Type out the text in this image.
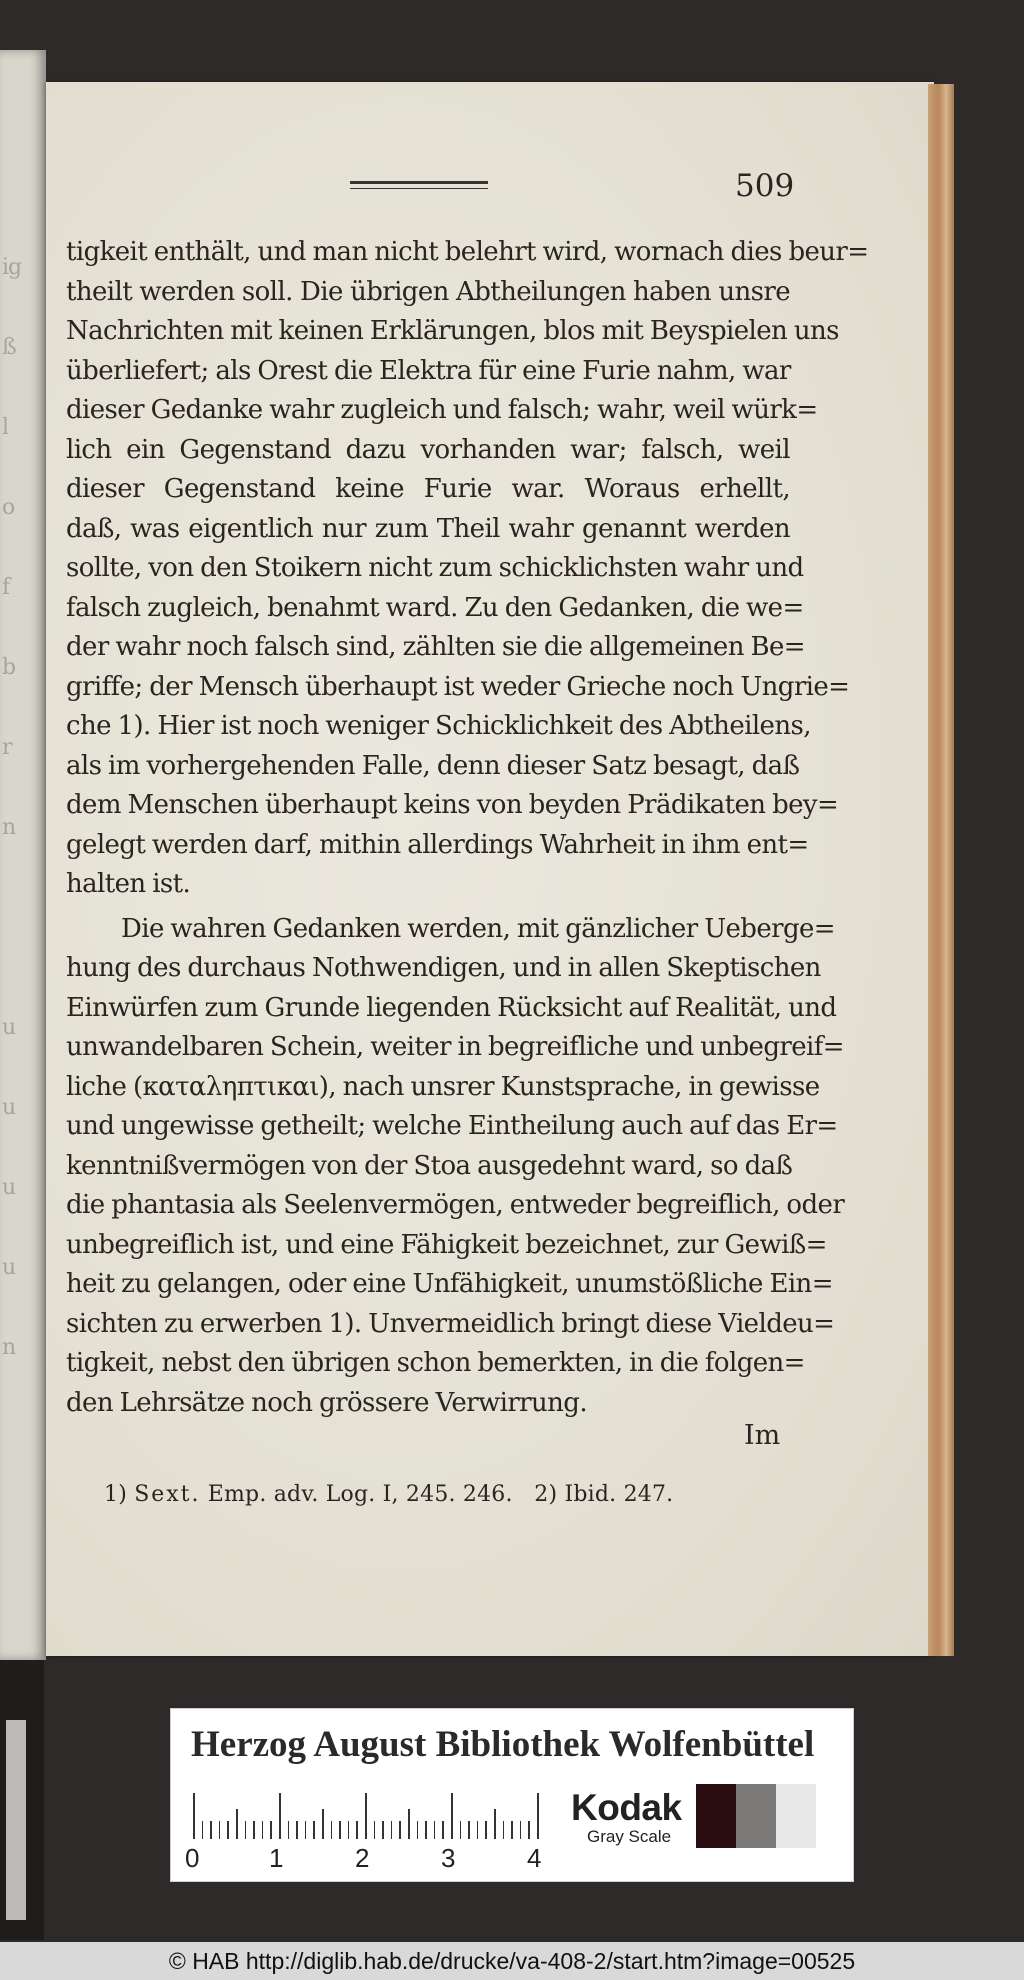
ig
ß
l
o
f
b
r
n
u
u
u
u
n
509
tigkeit enthält, und man nicht belehrt wird, wornach dies beur=
theilt werden soll. Die übrigen Abtheilungen haben unsre
Nachrichten mit keinen Erklärungen, blos mit Beyspielen uns
überliefert; als Orest die Elektra für eine Furie nahm, war
dieser Gedanke wahr zugleich und falsch; wahr, weil würk=
lich ein Gegenstand dazu vorhanden war; falsch, weil
dieser Gegenstand keine Furie war. Woraus erhellt,
daß, was eigentlich nur zum Theil wahr genannt werden
sollte, von den Stoikern nicht zum schicklichsten wahr und
falsch zugleich, benahmt ward. Zu den Gedanken, die we=
der wahr noch falsch sind, zählten sie die allgemeinen Be=
griffe; der Mensch überhaupt ist weder Grieche noch Ungrie=
che 1). Hier ist noch weniger Schicklichkeit des Abtheilens,
als im vorhergehenden Falle, denn dieser Satz besagt, daß
dem Menschen überhaupt keins von beyden Prädikaten bey=
gelegt werden darf, mithin allerdings Wahrheit in ihm ent=
halten ist.
Die wahren Gedanken werden, mit gänzlicher Ueberge=
hung des durchaus Nothwendigen, und in allen Skeptischen
Einwürfen zum Grunde liegenden Rücksicht auf Realität, und
unwandelbaren Schein, weiter in begreifliche und unbegreif=
liche (καταληπτικαι), nach unsrer Kunstsprache, in gewisse
und ungewisse getheilt; welche Eintheilung auch auf das Er=
kenntnißvermögen von der Stoa ausgedehnt ward, so daß
die phantasia als Seelenvermögen, entweder begreiflich, oder
unbegreiflich ist, und eine Fähigkeit bezeichnet, zur Gewiß=
heit zu gelangen, oder eine Unfähigkeit, unumstößliche Ein=
sichten zu erwerben 1). Unvermeidlich bringt diese Vieldeu=
tigkeit, nebst den übrigen schon bemerkten, in die folgen=
den Lehrsätze noch grössere Verwirrung.
Im
1) Sext. Emp. adv. Log. I, 245. 246. 2) Ibid. 247.
Herzog August Bibliothek Wolfenbüttel
0	1	2	3	4
Kodak
Gray Scale
© HAB http://diglib.hab.de/drucke/va-408-2/start.htm?image=00525
